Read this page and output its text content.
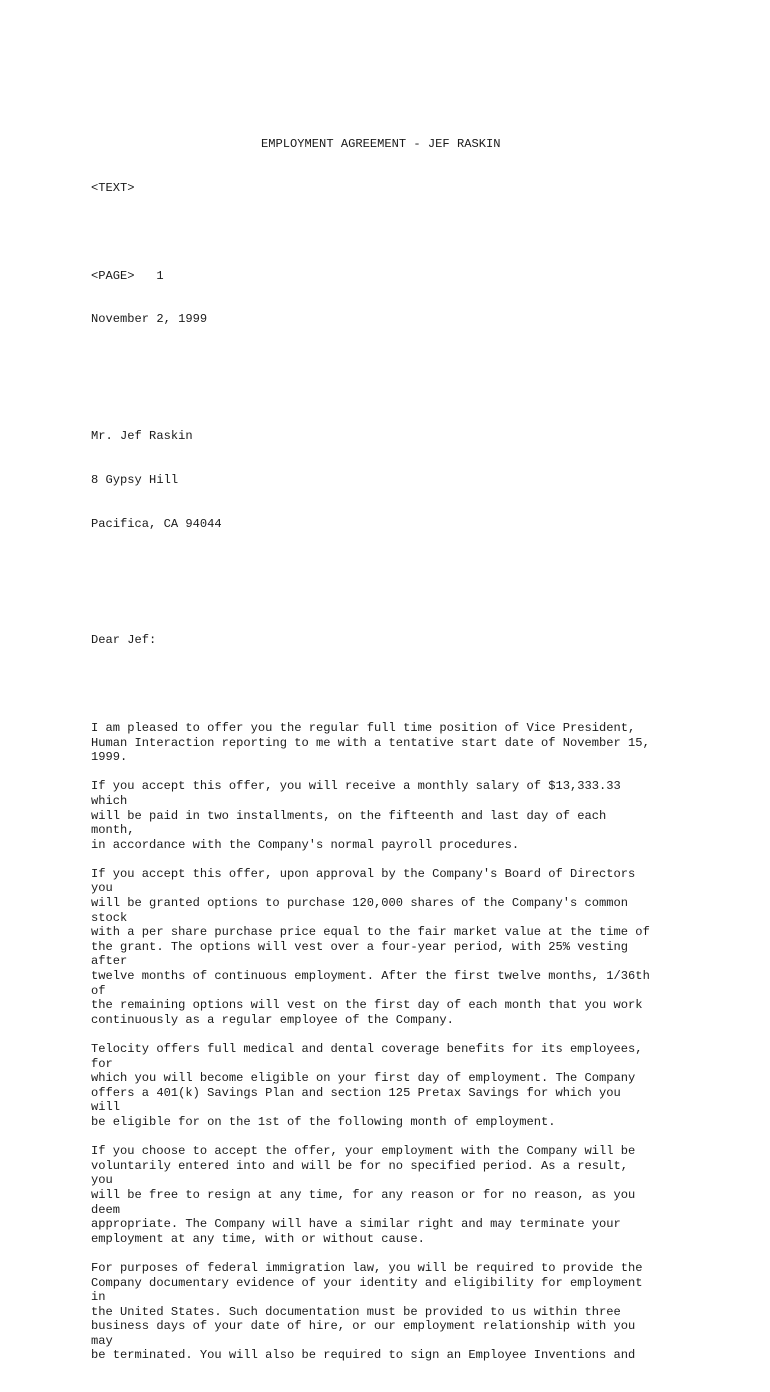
EMPLOYMENT AGREEMENT - JEF RASKIN

<TEXT>

<PAGE>   1

November 2, 1999

Mr. Jef Raskin

8 Gypsy Hill

Pacifica, CA 94044

Dear Jef:

I am pleased to offer you the regular full time position of Vice President,
Human Interaction reporting to me with a tentative start date of November 15,
1999.
If you accept this offer, you will receive a monthly salary of $13,333.33
which
will be paid in two installments, on the fifteenth and last day of each
month,
in accordance with the Company's normal payroll procedures.
If you accept this offer, upon approval by the Company's Board of Directors
you
will be granted options to purchase 120,000 shares of the Company's common
stock
with a per share purchase price equal to the fair market value at the time of
the grant. The options will vest over a four-year period, with 25% vesting
after
twelve months of continuous employment. After the first twelve months, 1/36th
of
the remaining options will vest on the first day of each month that you work
continuously as a regular employee of the Company.
Telocity offers full medical and dental coverage benefits for its employees,
for
which you will become eligible on your first day of employment. The Company
offers a 401(k) Savings Plan and section 125 Pretax Savings for which you
will
be eligible for on the 1st of the following month of employment.
If you choose to accept the offer, your employment with the Company will be
voluntarily entered into and will be for no specified period. As a result,
you
will be free to resign at any time, for any reason or for no reason, as you
deem
appropriate. The Company will have a similar right and may terminate your
employment at any time, with or without cause.
For purposes of federal immigration law, you will be required to provide the
Company documentary evidence of your identity and eligibility for employment
in
the United States. Such documentation must be provided to us within three
business days of your date of hire, or our employment relationship with you
may
be terminated. You will also be required to sign an Employee Inventions and
